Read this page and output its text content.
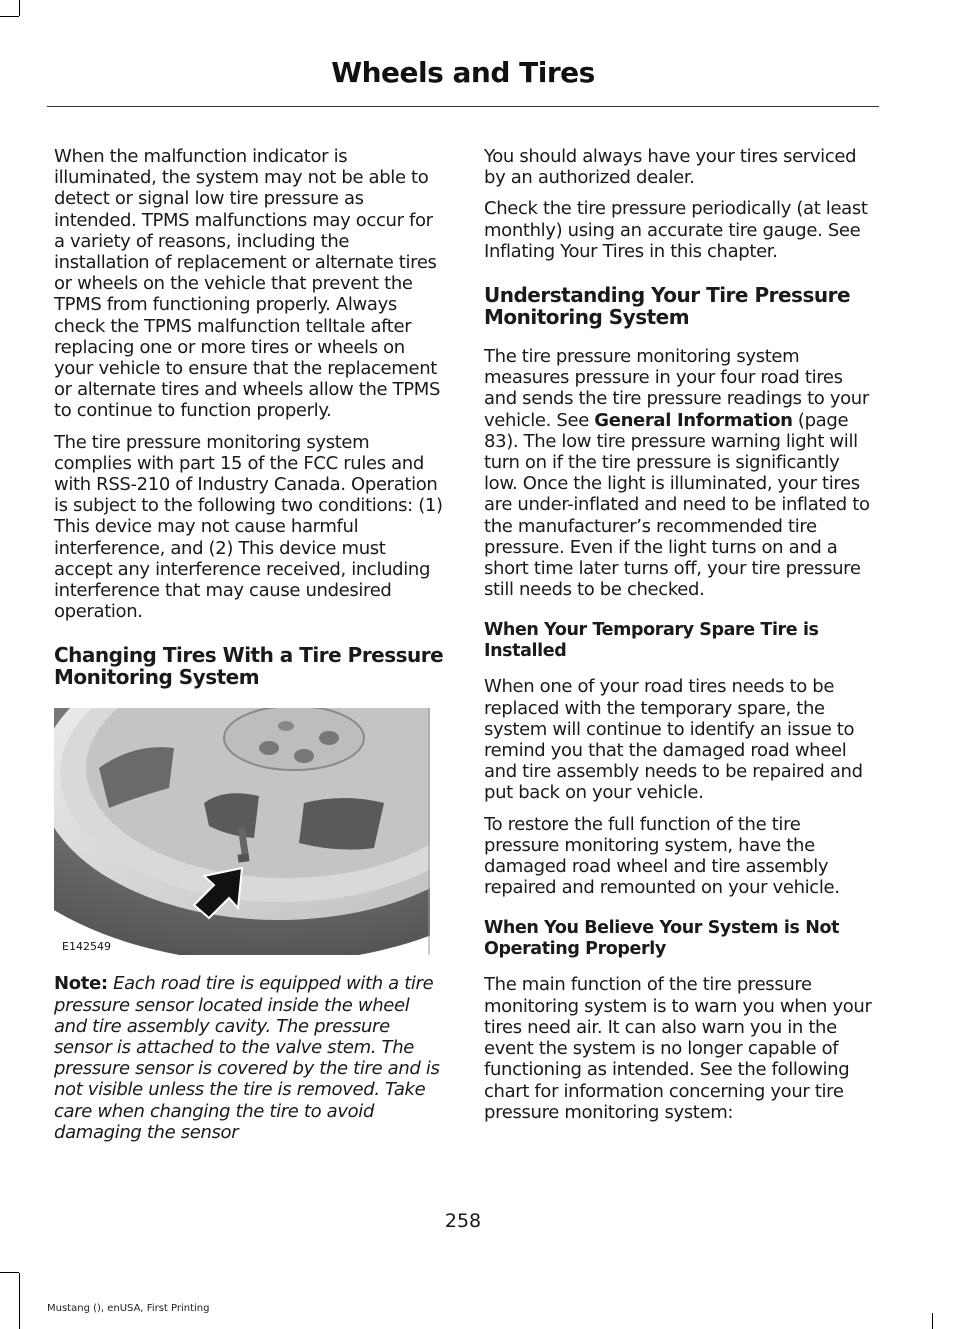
Wheels and Tires

When the malfunction indicator is illuminated, the system may not be able to detect or signal low tire pressure as intended. TPMS malfunctions may occur for a variety of reasons, including the installation of replacement or alternate tires or wheels on the vehicle that prevent the TPMS from functioning properly. Always check the TPMS malfunction telltale after replacing one or more tires or wheels on your vehicle to ensure that the replacement or alternate tires and wheels allow the TPMS to continue to function properly.

The tire pressure monitoring system complies with part 15 of the FCC rules and with RSS-210 of Industry Canada. Operation is subject to the following two conditions: (1) This device may not cause harmful interference, and (2) This device must accept any interference received, including interference that may cause undesired operation.

Changing Tires With a Tire Pressure Monitoring System
E142549

Note: Each road tire is equipped with a tire pressure sensor located inside the wheel and tire assembly cavity. The pressure sensor is attached to the valve stem. The pressure sensor is covered by the tire and is not visible unless the tire is removed. Take care when changing the tire to avoid damaging the sensor

You should always have your tires serviced by an authorized dealer.

Check the tire pressure periodically (at least monthly) using an accurate tire gauge. See Inflating Your Tires in this chapter.

Understanding Your Tire Pressure Monitoring System

The tire pressure monitoring system measures pressure in your four road tires and sends the tire pressure readings to your vehicle. See General Information (page 83). The low tire pressure warning light will turn on if the tire pressure is significantly low. Once the light is illuminated, your tires are under-inflated and need to be inflated to the manufacturer’s recommended tire pressure. Even if the light turns on and a short time later turns off, your tire pressure still needs to be checked.

When Your Temporary Spare Tire is Installed

When one of your road tires needs to be replaced with the temporary spare, the system will continue to identify an issue to remind you that the damaged road wheel and tire assembly needs to be repaired and put back on your vehicle.

To restore the full function of the tire pressure monitoring system, have the damaged road wheel and tire assembly repaired and remounted on your vehicle.

When You Believe Your System is Not Operating Properly

The main function of the tire pressure monitoring system is to warn you when your tires need air. It can also warn you in the event the system is no longer capable of functioning as intended. See the following chart for information concerning your tire pressure monitoring system:

258
Mustang (), enUSA, First Printing
